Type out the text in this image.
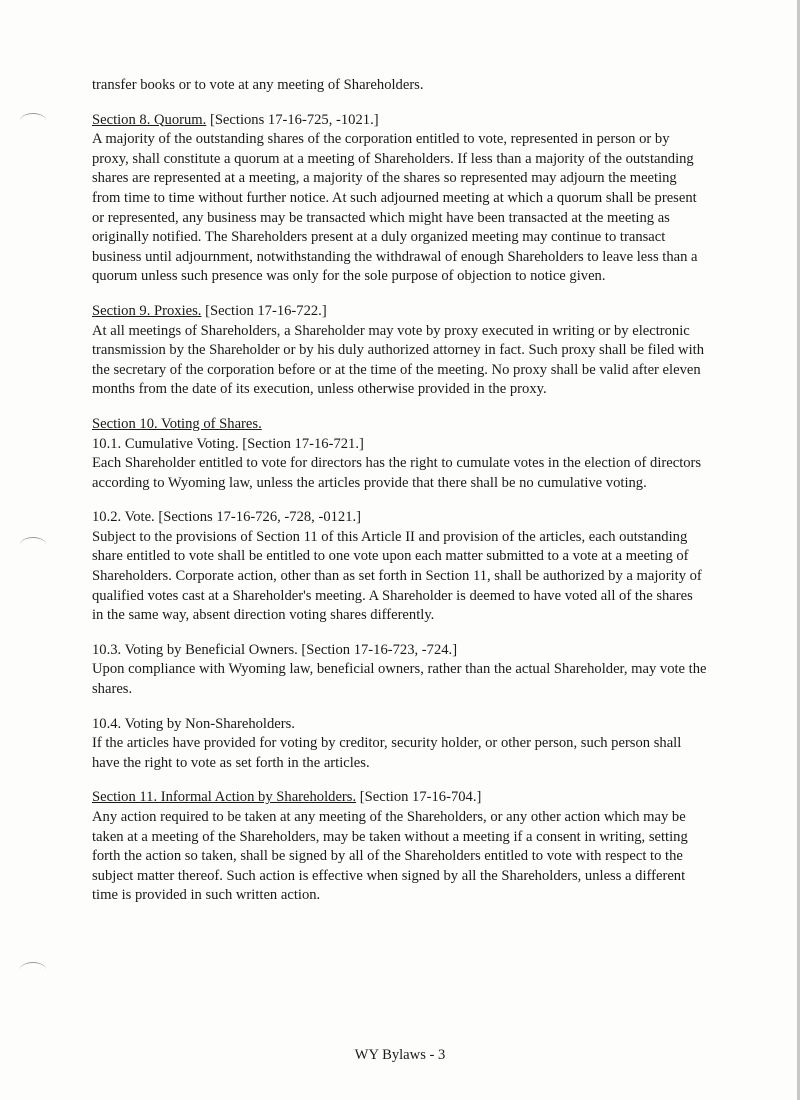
transfer books or to vote at any meeting of Shareholders.

Section 8. Quorum. [Sections 17-16-725, -1021.]

A majority of the outstanding shares of the corporation entitled to vote, represented in person or by proxy, shall constitute a quorum at a meeting of Shareholders. If less than a majority of the outstanding shares are represented at a meeting, a majority of the shares so represented may adjourn the meeting from time to time without further notice. At such adjourned meeting at which a quorum shall be present or represented, any business may be transacted which might have been transacted at the meeting as originally notified. The Shareholders present at a duly organized meeting may continue to transact business until adjournment, notwithstanding the withdrawal of enough Shareholders to leave less than a quorum unless such presence was only for the sole purpose of objection to notice given.

Section 9. Proxies. [Section 17-16-722.]

At all meetings of Shareholders, a Shareholder may vote by proxy executed in writing or by electronic transmission by the Shareholder or by his duly authorized attorney in fact. Such proxy shall be filed with the secretary of the corporation before or at the time of the meeting. No proxy shall be valid after eleven months from the date of its execution, unless otherwise provided in the proxy.

Section 10. Voting of Shares.

10.1. Cumulative Voting. [Section 17-16-721.]

Each Shareholder entitled to vote for directors has the right to cumulate votes in the election of directors according to Wyoming law, unless the articles provide that there shall be no cumulative voting.

10.2. Vote. [Sections 17-16-726, -728, -0121.]

Subject to the provisions of Section 11 of this Article II and provision of the articles, each outstanding share entitled to vote shall be entitled to one vote upon each matter submitted to a vote at a meeting of Shareholders. Corporate action, other than as set forth in Section 11, shall be authorized by a majority of qualified votes cast at a Shareholder's meeting. A Shareholder is deemed to have voted all of the shares in the same way, absent direction voting shares differently.

10.3. Voting by Beneficial Owners. [Section 17-16-723, -724.]

Upon compliance with Wyoming law, beneficial owners, rather than the actual Shareholder, may vote the shares.

10.4. Voting by Non-Shareholders.

If the articles have provided for voting by creditor, security holder, or other person, such person shall have the right to vote as set forth in the articles.

Section 11. Informal Action by Shareholders. [Section 17-16-704.]

Any action required to be taken at any meeting of the Shareholders, or any other action which may be taken at a meeting of the Shareholders, may be taken without a meeting if a consent in writing, setting forth the action so taken, shall be signed by all of the Shareholders entitled to vote with respect to the subject matter thereof. Such action is effective when signed by all the Shareholders, unless a different time is provided in such written action.

WY Bylaws - 3
